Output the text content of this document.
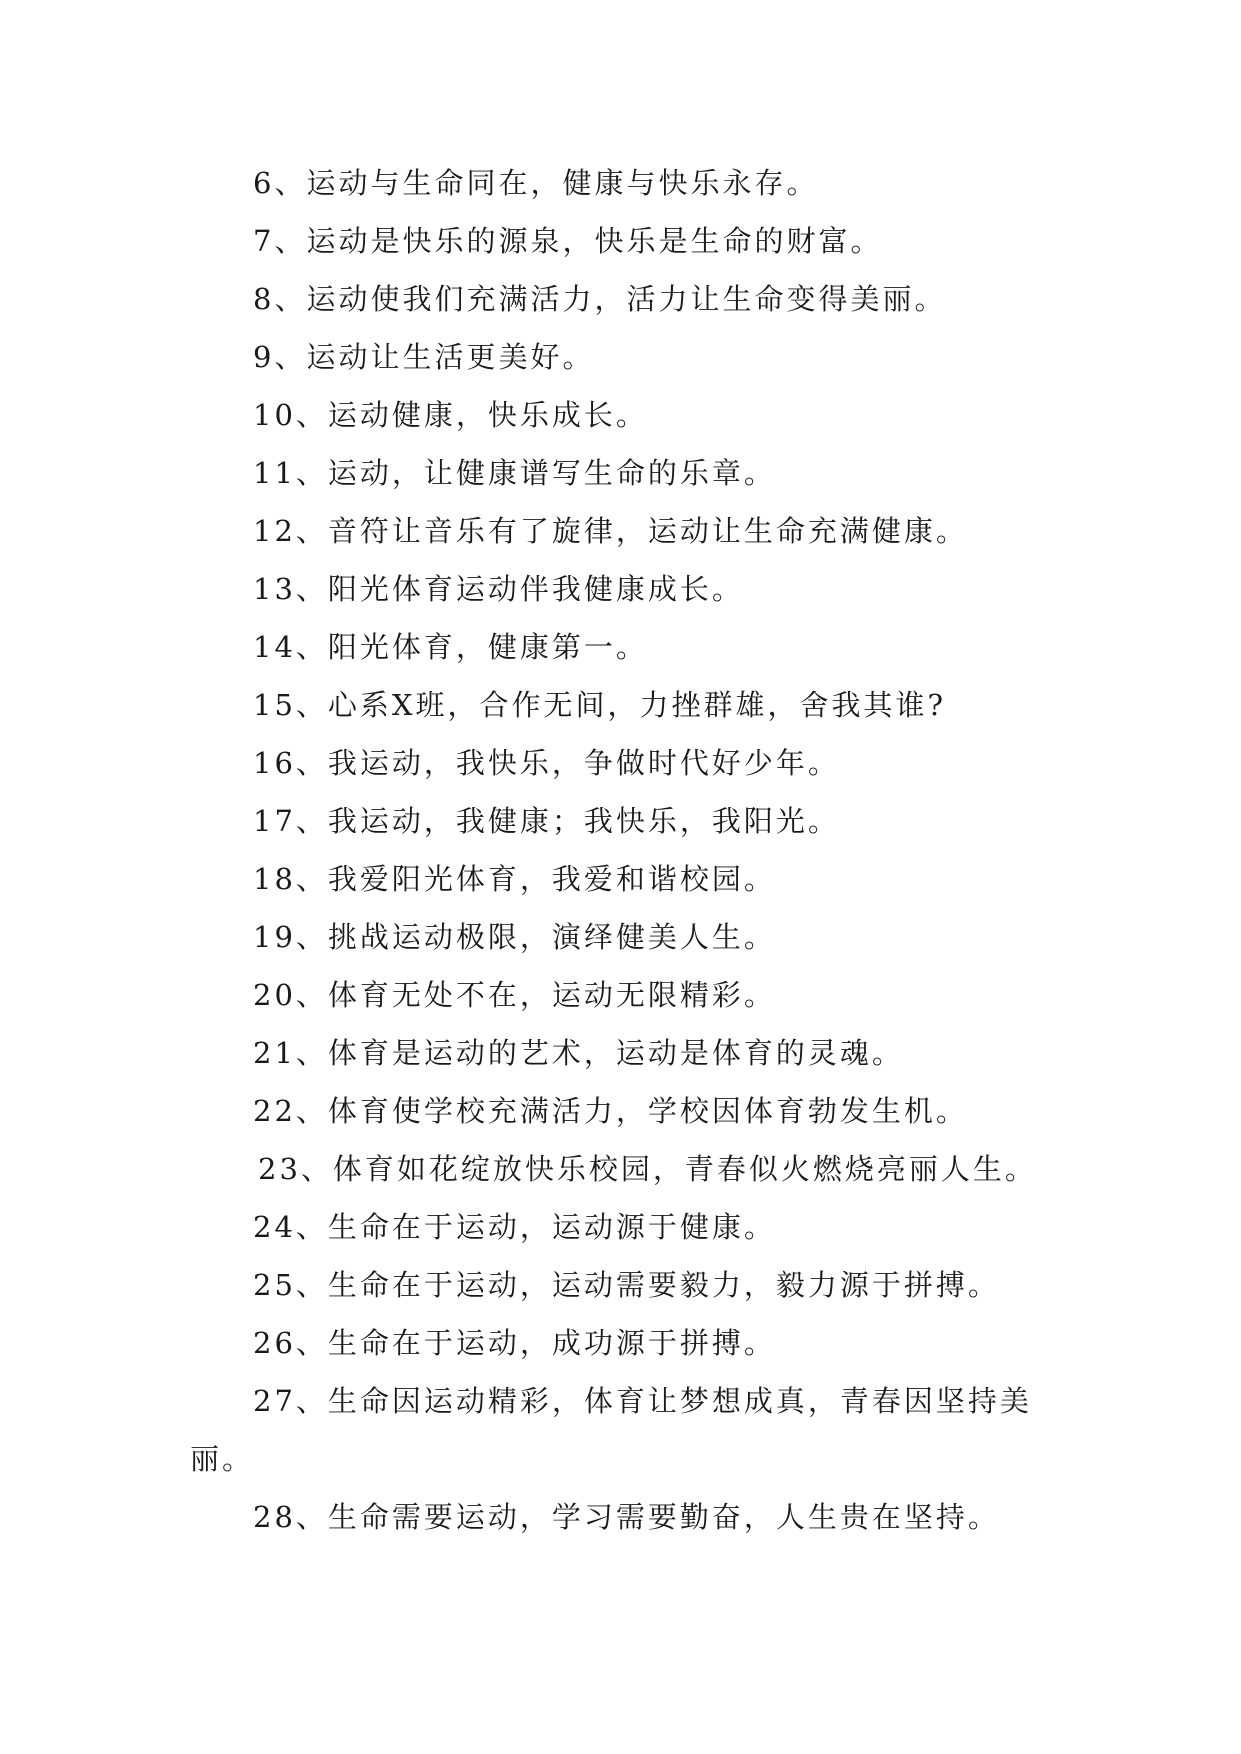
6、运动与生命同在，健康与快乐永存。

7、运动是快乐的源泉，快乐是生命的财富。

8、运动使我们充满活力，活力让生命变得美丽。

9、运动让生活更美好。

10、运动健康，快乐成长。

11、运动，让健康谱写生命的乐章。

12、音符让音乐有了旋律，运动让生命充满健康。

13、阳光体育运动伴我健康成长。

14、阳光体育，健康第一。

15、心系X班，合作无间，力挫群雄，舍我其谁?

16、我运动，我快乐，争做时代好少年。

17、我运动，我健康；我快乐，我阳光。

18、我爱阳光体育，我爱和谐校园。

19、挑战运动极限，演绎健美人生。

20、体育无处不在，运动无限精彩。

21、体育是运动的艺术，运动是体育的灵魂。

22、体育使学校充满活力，学校因体育勃发生机。

23、体育如花绽放快乐校园，青春似火燃烧亮丽人生。

24、生命在于运动，运动源于健康。

25、生命在于运动，运动需要毅力，毅力源于拼搏。

26、生命在于运动，成功源于拼搏。

27、生命因运动精彩，体育让梦想成真，青春因坚持美丽。

28、生命需要运动，学习需要勤奋，人生贵在坚持。
